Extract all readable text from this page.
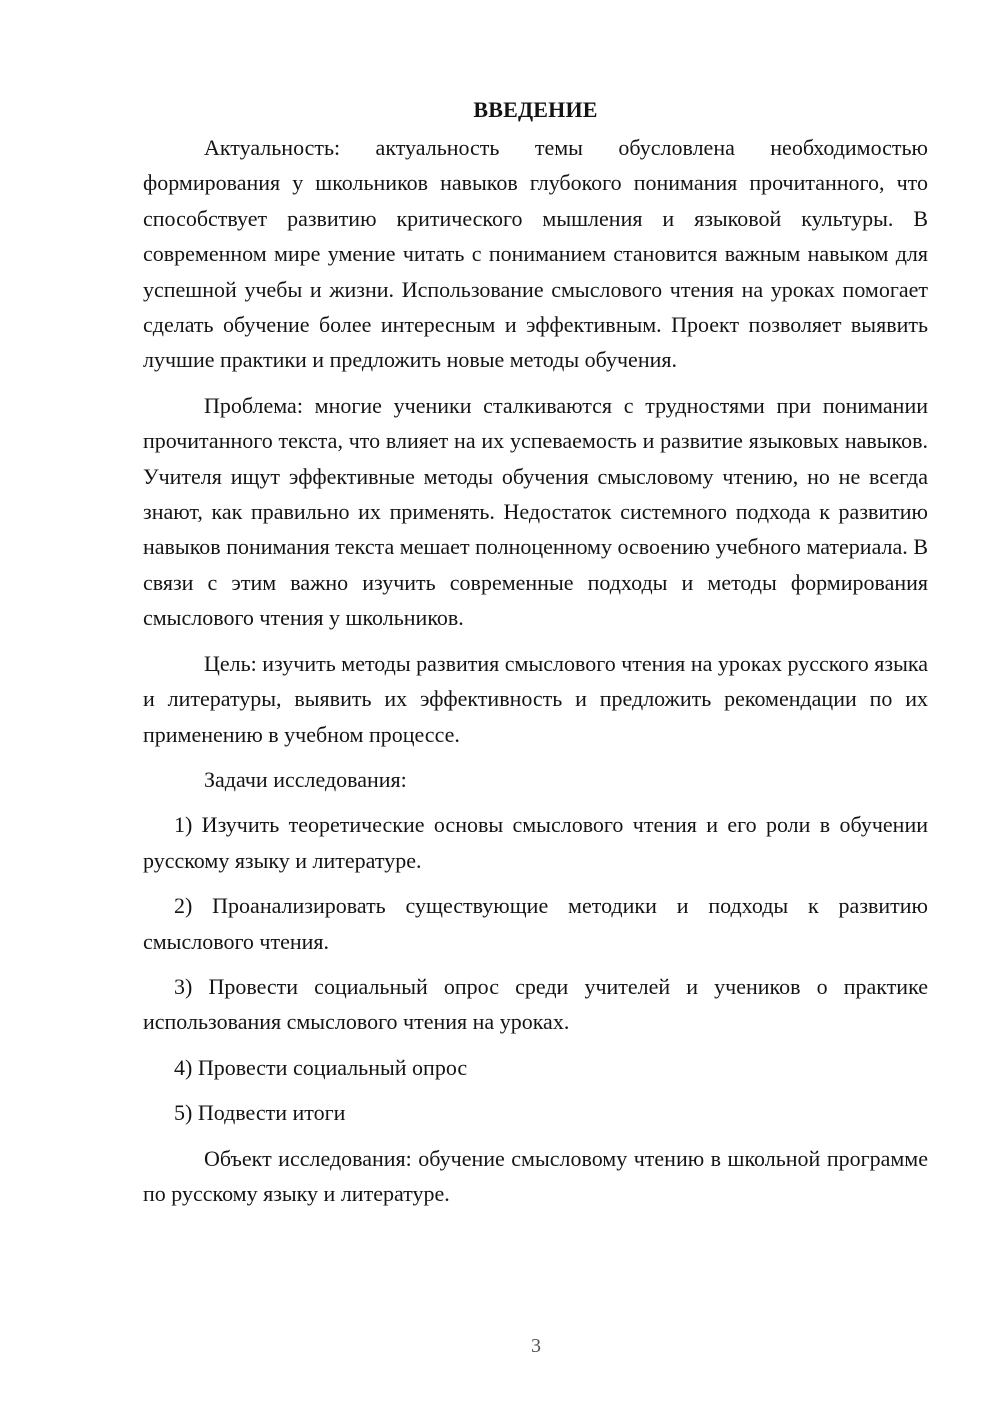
ВВЕДЕНИЕ

Актуальность: актуальность темы обусловлена необходимостью формирования у школьников навыков глубокого понимания прочитанного, что способствует развитию критического мышления и языковой культуры. В современном мире умение читать с пониманием становится важным навыком для успешной учебы и жизни. Использование смыслового чтения на уроках помогает сделать обучение более интересным и эффективным. Проект позволяет выявить лучшие практики и предложить новые методы обучения.

Проблема: многие ученики сталкиваются с трудностями при понимании прочитанного текста, что влияет на их успеваемость и развитие языковых навыков. Учителя ищут эффективные методы обучения смысловому чтению, но не всегда знают, как правильно их применять. Недостаток системного подхода к развитию навыков понимания текста мешает полноценному освоению учебного материала. В связи с этим важно изучить современные подходы и методы формирования смыслового чтения у школьников.

Цель: изучить методы развития смыслового чтения на уроках русского языка и литературы, выявить их эффективность и предложить рекомендации по их применению в учебном процессе.

Задачи исследования:

1) Изучить теоретические основы смыслового чтения и его роли в обучении русскому языку и литературе.

2) Проанализировать существующие методики и подходы к развитию смыслового чтения.

3) Провести социальный опрос среди учителей и учеников о практике использования смыслового чтения на уроках.

4) Провести социальный опрос

5) Подвести итоги

Объект исследования: обучение смысловому чтению в школьной программе по русскому языку и литературе.

3
